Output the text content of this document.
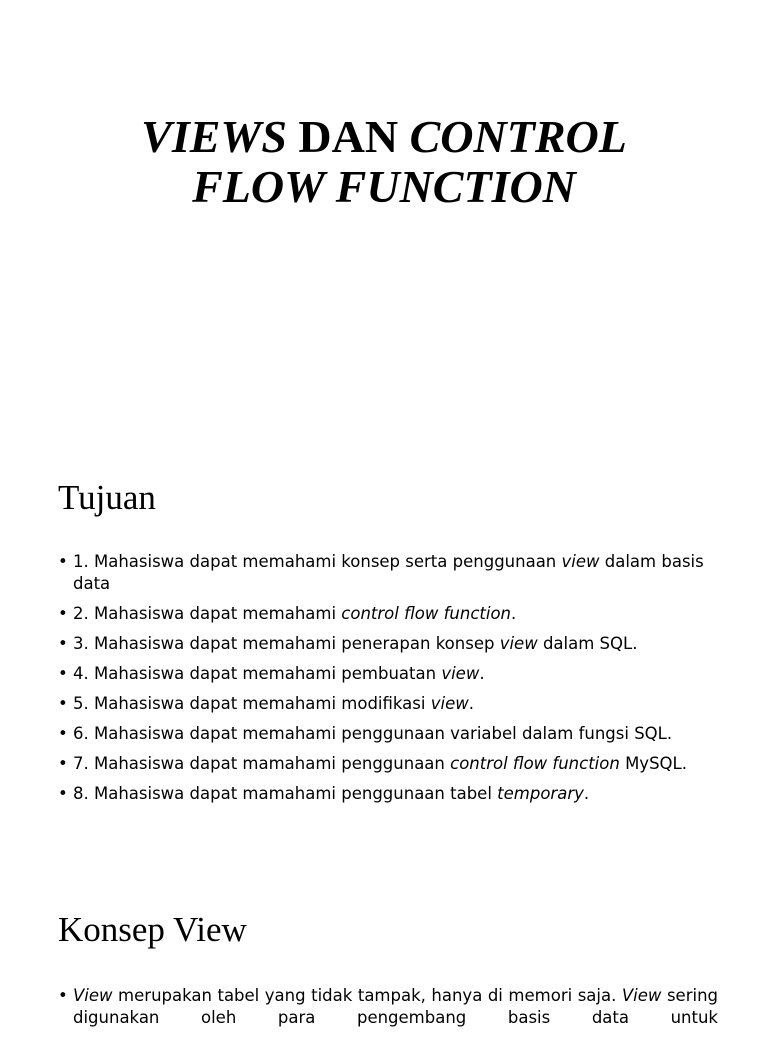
VIEWS DAN CONTROL
FLOW FUNCTION
Tujuan
• 1. Mahasiswa dapat memahami konsep serta penggunaan view dalam basis data
• 2. Mahasiswa dapat memahami control flow function.
• 3. Mahasiswa dapat memahami penerapan konsep view dalam SQL.
• 4. Mahasiswa dapat memahami pembuatan view.
• 5. Mahasiswa dapat memahami modifikasi view.
• 6. Mahasiswa dapat memahami penggunaan variabel dalam fungsi SQL.
• 7. Mahasiswa dapat mamahami penggunaan control flow function MySQL.
• 8. Mahasiswa dapat mamahami penggunaan tabel temporary.
Konsep View
• View merupakan tabel yang tidak tampak, hanya di memori saja. View sering digunakan oleh para pengembang basis data untuk
